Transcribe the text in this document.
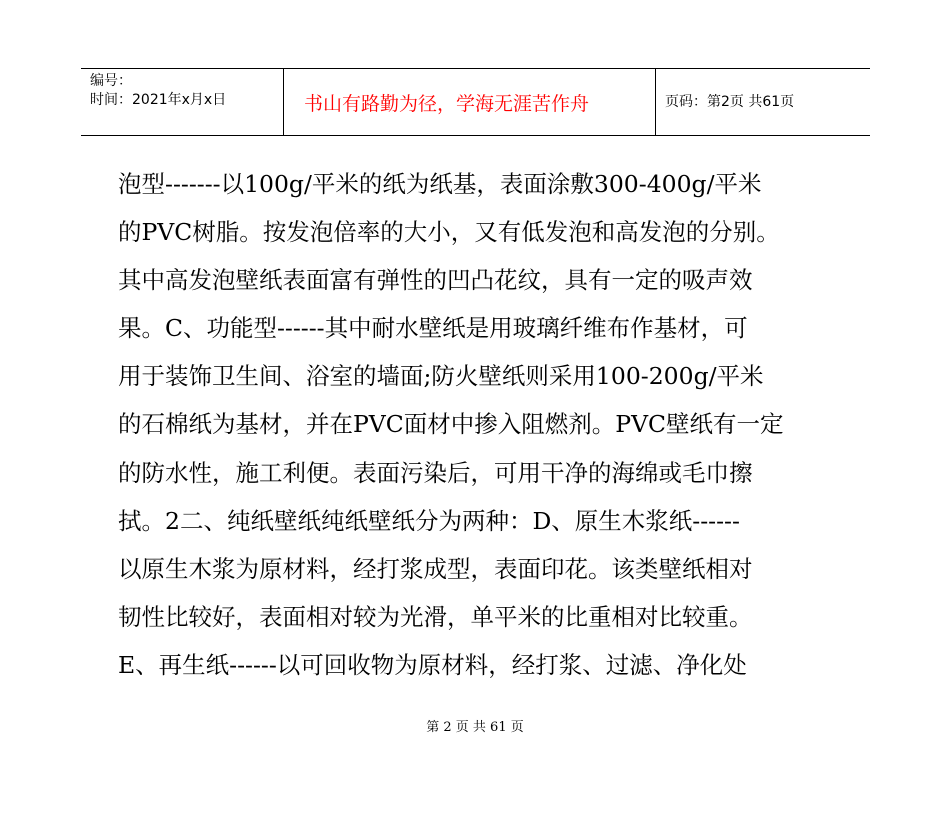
编号：
时间：2021年x月x日	书山有路勤为径，学海无涯苦作舟	页码：第2页 共61页
泡型-------以100g/平米的纸为纸基，表面涂敷300-400g/平米
的PVC树脂。按发泡倍率的大小，又有低发泡和高发泡的分别。
其中高发泡壁纸表面富有弹性的凹凸花纹，具有一定的吸声效
果。C、功能型------其中耐水壁纸是用玻璃纤维布作基材，可
用于装饰卫生间、浴室的墙面;防火壁纸则采用100-200g/平米
的石棉纸为基材，并在PVC面材中掺入阻燃剂。PVC壁纸有一定
的防水性，施工利便。表面污染后，可用干净的海绵或毛巾擦
拭。2二、纯纸壁纸纯纸壁纸分为两种：D、原生木浆纸------
以原生木浆为原材料，经打浆成型，表面印花。该类壁纸相对
韧性比较好，表面相对较为光滑，单平米的比重相对比较重。
E、再生纸------以可回收物为原材料，经打浆、过滤、净化处
第 2 页 共 61 页
